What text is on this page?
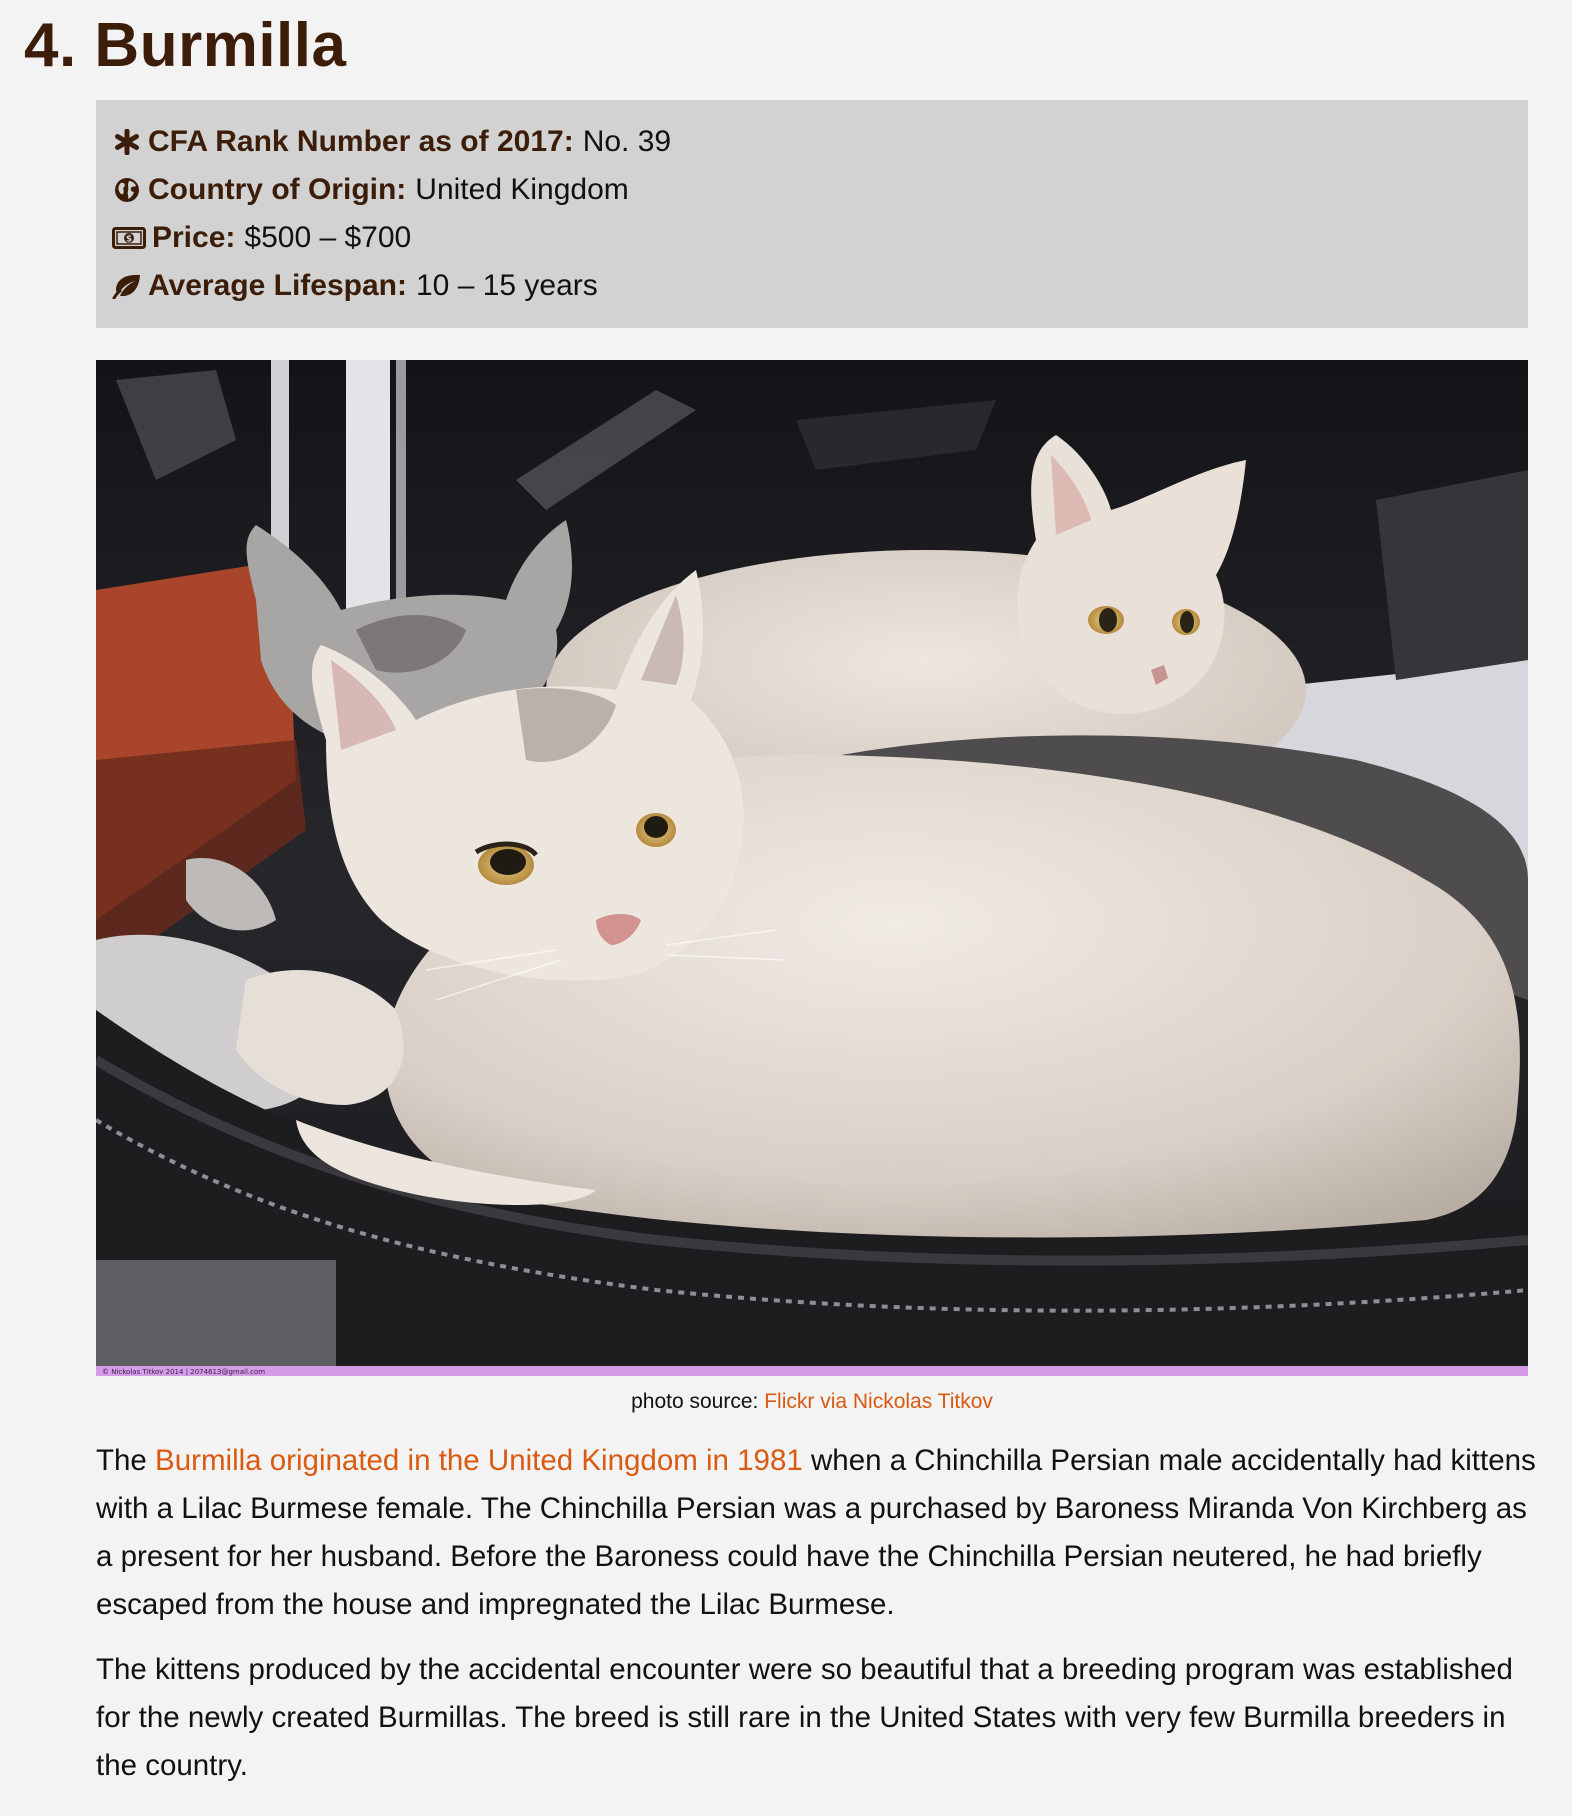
4. Burmilla
CFA Rank Number as of 2017: No. 39
Country of Origin: United Kingdom
$ Price: $500 – $700
Average Lifespan: 10 – 15 years
© Nickolas Titkov 2014 | 2074613@gmail.com
photo source: Flickr via Nickolas Titkov

The Burmilla originated in the United Kingdom in 1981 when a Chinchilla Persian male accidentally had kittens with a Lilac Burmese female. The Chinchilla Persian was a purchased by Baroness Miranda Von Kirchberg as a present for her husband. Before the Baroness could have the Chinchilla Persian neutered, he had briefly escaped from the house and impregnated the Lilac Burmese.

The kittens produced by the accidental encounter were so beautiful that a breeding program was established for the newly created Burmillas. The breed is still rare in the United States with very few Burmilla breeders in the country.
